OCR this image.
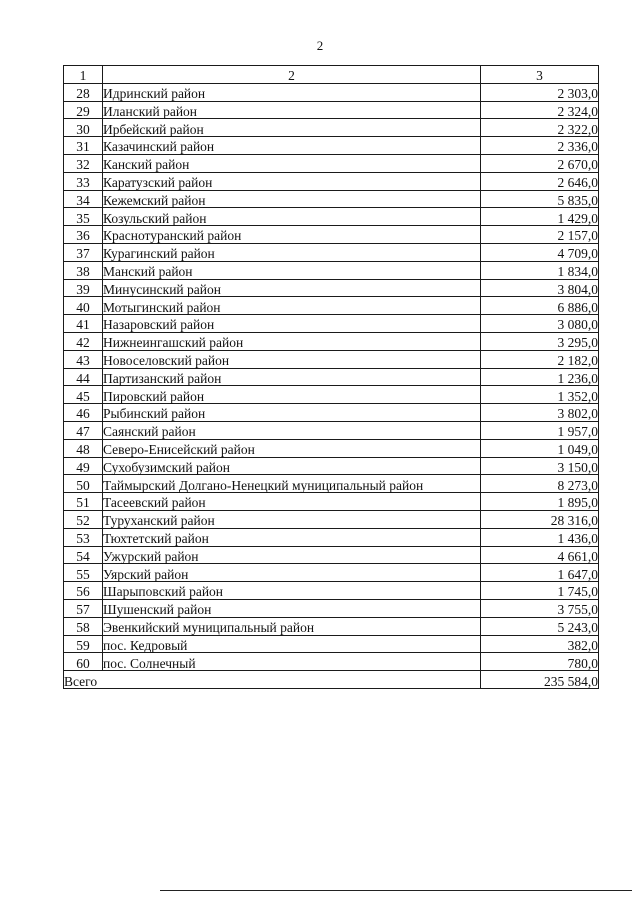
2
1	2	3
28	Идринский район	2 303,0
29	Иланский район	2 324,0
30	Ирбейский район	2 322,0
31	Казачинский район	2 336,0
32	Канский район	2 670,0
33	Каратузский район	2 646,0
34	Кежемский район	5 835,0
35	Козульский район	1 429,0
36	Краснотуранский район	2 157,0
37	Курагинский район	4 709,0
38	Манский район	1 834,0
39	Минусинский район	3 804,0
40	Мотыгинский район	6 886,0
41	Назаровский район	3 080,0
42	Нижнеингашский район	3 295,0
43	Новоселовский район	2 182,0
44	Партизанский район	1 236,0
45	Пировский район	1 352,0
46	Рыбинский район	3 802,0
47	Саянский район	1 957,0
48	Северо-Енисейский район	1 049,0
49	Сухобузимский район	3 150,0
50	Таймырский Долгано-Ненецкий муниципальный район	8 273,0
51	Тасеевский район	1 895,0
52	Туруханский район	28 316,0
53	Тюхтетский район	1 436,0
54	Ужурский район	4 661,0
55	Уярский район	1 647,0
56	Шарыповский район	1 745,0
57	Шушенский район	3 755,0
58	Эвенкийский муниципальный район	5 243,0
59	пос. Кедровый	382,0
60	пос. Солнечный	780,0
Всего		235 584,0
